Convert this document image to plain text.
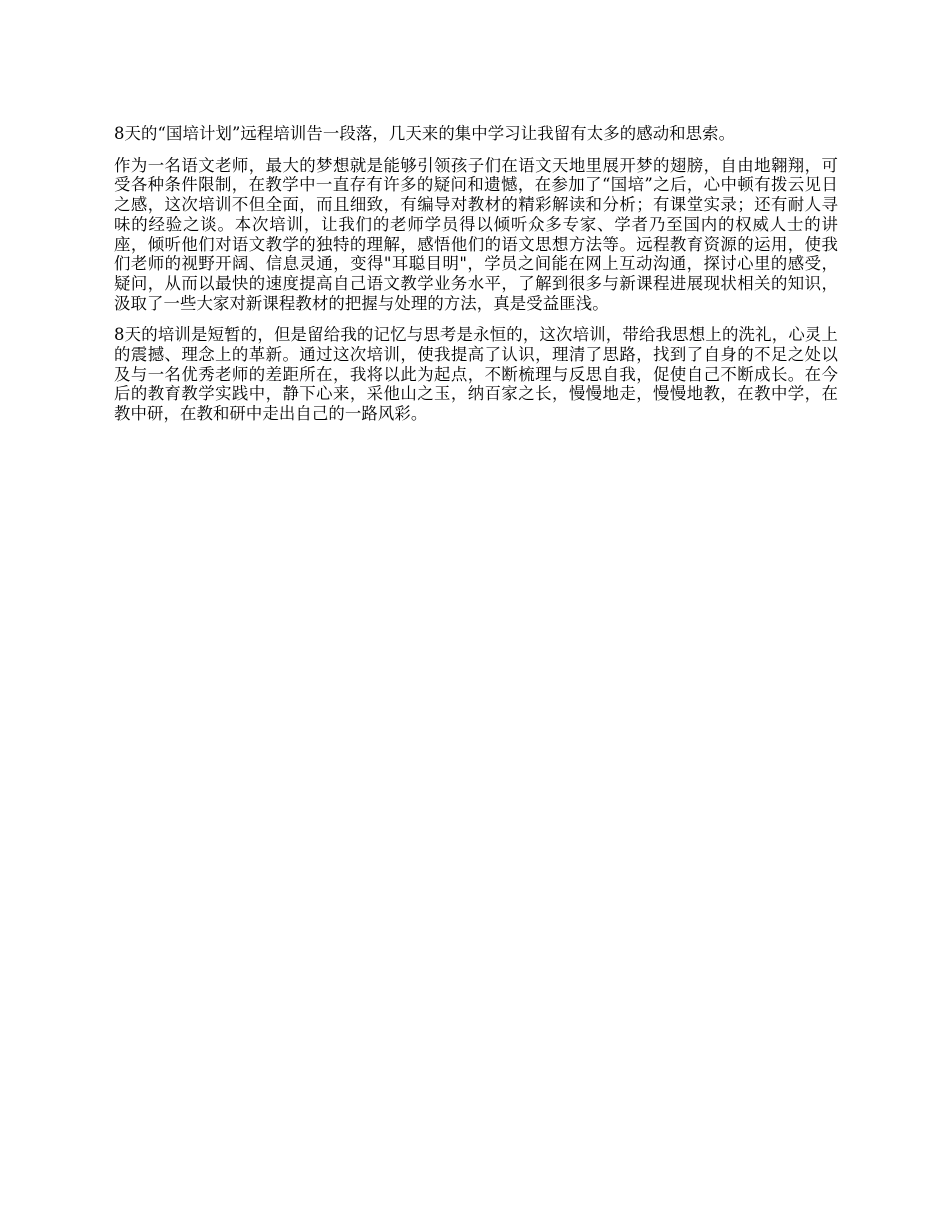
8天的“国培计划”远程培训告一段落，几天来的集中学习让我留有太多的感动和思索。

作为一名语文老师，最大的梦想就是能够引领孩子们在语文天地里展开梦的翅膀，自由地翱翔，可受各种条件限制，在教学中一直存有许多的疑问和遗憾，在参加了“国培”之后，心中顿有拨云见日之感，这次培训不但全面，而且细致，有编导对教材的精彩解读和分析；有课堂实录；还有耐人寻味的经验之谈。本次培训，让我们的老师学员得以倾听众多专家、学者乃至国内的权威人士的讲座，倾听他们对语文教学的独特的理解，感悟他们的语文思想方法等。远程教育资源的运用，使我们老师的视野开阔、信息灵通，变得"耳聪目明"，学员之间能在网上互动沟通，探讨心里的感受，疑问，从而以最快的速度提高自己语文教学业务水平，了解到很多与新课程进展现状相关的知识，汲取了一些大家对新课程教材的把握与处理的方法，真是受益匪浅。

8天的培训是短暂的，但是留给我的记忆与思考是永恒的，这次培训，带给我思想上的洗礼，心灵上的震撼、理念上的革新。通过这次培训，使我提高了认识，理清了思路，找到了自身的不足之处以及与一名优秀老师的差距所在，我将以此为起点，不断梳理与反思自我，促使自己不断成长。在今后的教育教学实践中，静下心来，采他山之玉，纳百家之长，慢慢地走，慢慢地教，在教中学，在教中研，在教和研中走出自己的一路风彩。
